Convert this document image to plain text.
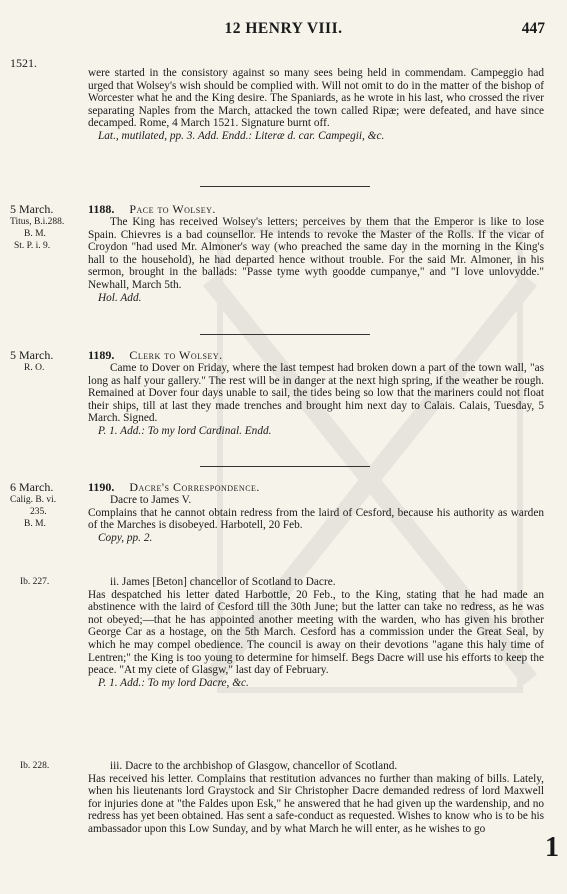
12 HENRY VIII.	447
1521.

were started in the consistory against so many sees being held in commendam. Campeggio had urged that Wolsey's wish should be complied with. Will not omit to do in the matter of the bishop of Worcester what he and the King desire. The Spaniards, as he wrote in his last, who crossed the river separating Naples from the March, attacked the town called Ripæ; were defeated, and have since decamped. Rome, 4 March 1521. Signature burnt off.

Lat., mutilated, pp. 3. Add. Endd.: Literæ d. car. Campegii, &c.

5 March.
Titus, B.i.288.
B. M.
St. P. i. 9.

1188. Pace to Wolsey.

The King has received Wolsey's letters; perceives by them that the Emperor is like to lose Spain. Chievres is a bad counsellor. He intends to revoke the Master of the Rolls. If the vicar of Croydon "had used Mr. Almoner's way (who preached the same day in the morning in the King's hall to the household), he had departed hence without trouble. For the said Mr. Almoner, in his sermon, brought in the ballads: "Passe tyme wyth goodde cumpanye," and "I love unlovydde." Newhall, March 5th.

Hol. Add.

5 March.
R. O.

1189. Clerk to Wolsey.

Came to Dover on Friday, where the last tempest had broken down a part of the town wall, "as long as half your gallery." The rest will be in danger at the next high spring, if the weather be rough. Remained at Dover four days unable to sail, the tides being so low that the mariners could not float their ships, till at last they made trenches and brought him next day to Calais. Calais, Tuesday, 5 March. Signed.

P. 1. Add.: To my lord Cardinal. Endd.

6 March.
Calig. B. vi.
235.
B. M.

1190. Dacre's Correspondence.

Dacre to James V.

Complains that he cannot obtain redress from the laird of Cesford, because his authority as warden of the Marches is disobeyed. Harbotell, 20 Feb.

Copy, pp. 2.

Ib. 227.	ii. James [Beton] chancellor of Scotland to Dacre.

Has despatched his letter dated Harbottle, 20 Feb., to the King, stating that he had made an abstinence with the laird of Cesford till the 30th June; but the latter can take no redress, as he was not obeyed;—that he has appointed another meeting with the warden, who has given his brother George Car as a hostage, on the 5th March. Cesford has a commission under the Great Seal, by which he may compel obedience. The council is away on their devotions "agane this haly time of Lentren;" the King is too young to determine for himself. Begs Dacre will use his efforts to keep the peace. "At my ciete of Glasgw," last day of February.

P. 1. Add.: To my lord Dacre, &c.

Ib. 228.	iii. Dacre to the archbishop of Glasgow, chancellor of Scotland.

Has received his letter. Complains that restitution advances no further than making of bills. Lately, when his lieutenants lord Graystock and Sir Christopher Dacre demanded redress of lord Maxwell for injuries done at "the Faldes upon Esk," he answered that he had given up the wardenship, and no redress has yet been obtained. Has sent a safe-conduct as requested. Wishes to know who is to be his ambassador upon this Low Sunday, and by what March he will enter, as he wishes to go

1
